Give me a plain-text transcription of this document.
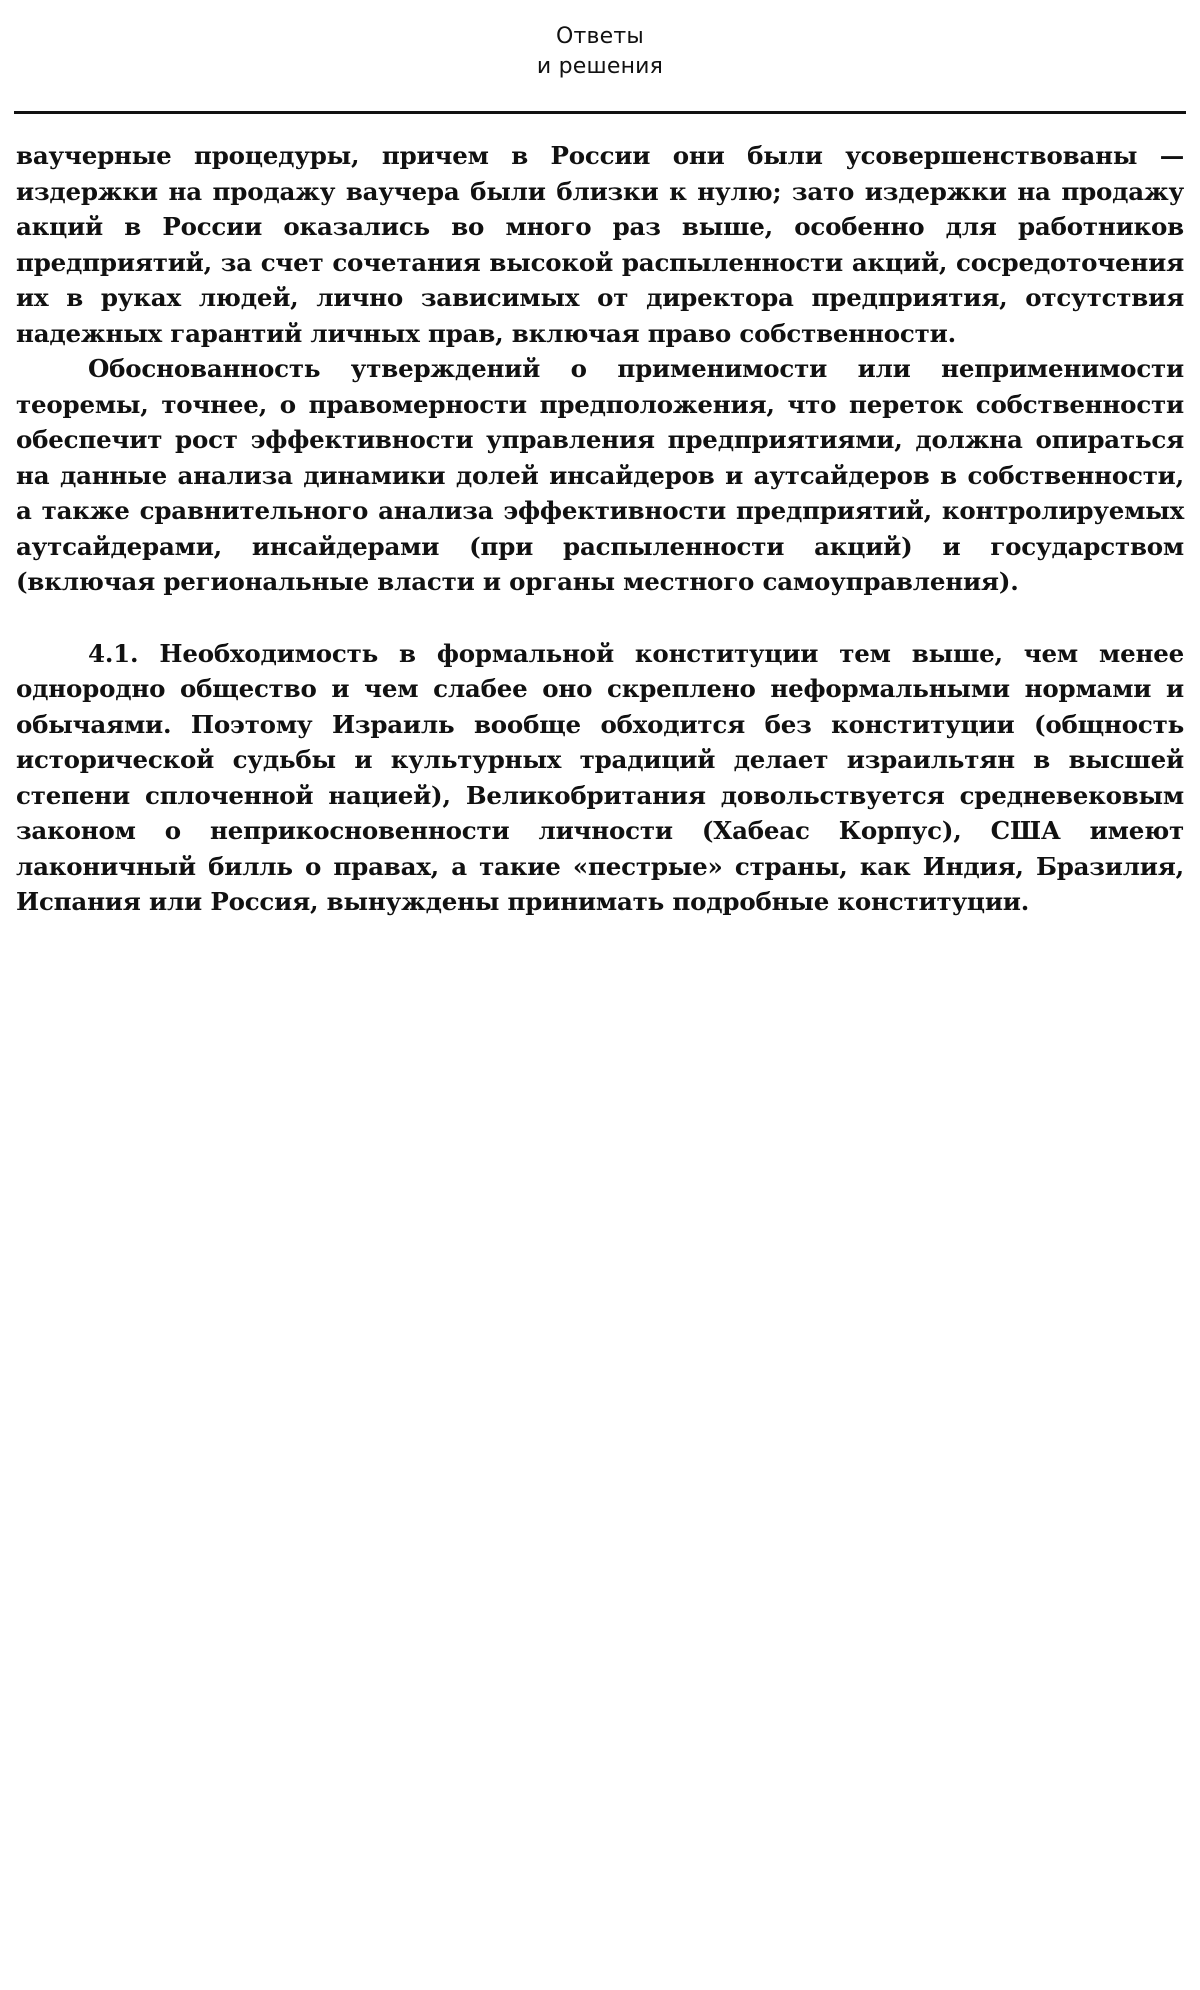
Ответы
и решения

ваучерные процедуры, причем в России они были усовершенствованы — издержки на продажу ваучера были близки к нулю; зато издержки на продажу акций в России оказались во много раз выше, особенно для работников предприятий, за счет сочетания высокой распыленности акций, сосредоточения их в руках людей, лично зависимых от директора предприятия, отсутствия надежных гарантий личных прав, включая право собственности.

Обоснованность утверждений о применимости или неприменимости теоремы, точнее, о правомерности предположения, что переток собственности обеспечит рост эффективности управления предприятиями, должна опираться на данные анализа динамики долей инсайдеров и аутсайдеров в собственности, а также сравнительного анализа эффективности предприятий, контролируемых аутсайдерами, инсайдерами (при распыленности акций) и государством (включая региональные власти и органы местного самоуправления).

4.1. Необходимость в формальной конституции тем выше, чем менее однородно общество и чем слабее оно скреплено неформальными нормами и обычаями. Поэтому Израиль вообще обходится без конституции (общность исторической судьбы и культурных традиций делает израильтян в высшей степени сплоченной нацией), Великобритания довольствуется средневековым законом о неприкосновенности личности (Хабеас Корпус), США имеют лаконичный билль о правах, а такие «пестрые» страны, как Индия, Бразилия, Испания или Россия, вынуждены принимать подробные конституции.
